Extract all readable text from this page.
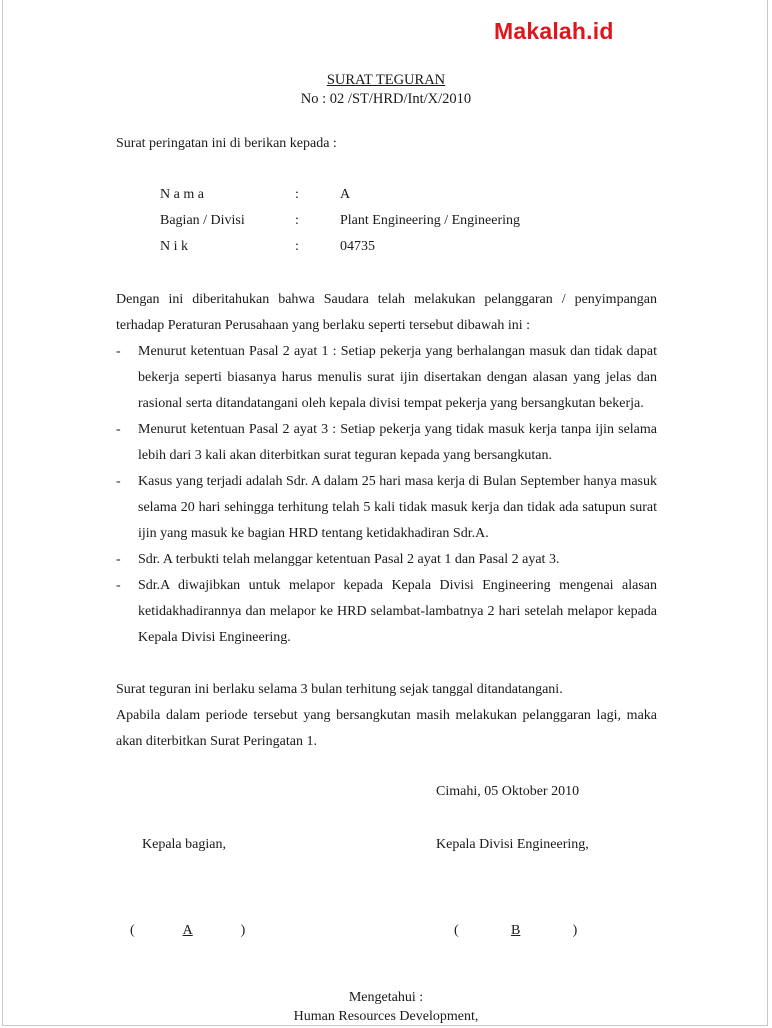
Makalah.id
SURAT TEGURAN
No : 02 /ST/HRD/Int/X/2010
Surat peringatan ini di berikan kepada :
N a m a	:	A
Bagian / Divisi	:	Plant Engineering / Engineering
N i k	:	04735

Dengan ini diberitahukan bahwa Saudara telah melakukan pelanggaran / penyimpangan terhadap Peraturan Perusahaan yang berlaku seperti tersebut dibawah ini :

- Menurut ketentuan Pasal 2 ayat 1 : Setiap pekerja yang berhalangan masuk dan tidak dapat bekerja seperti biasanya harus menulis surat ijin disertakan dengan alasan yang jelas dan rasional serta ditandatangani oleh kepala divisi tempat pekerja yang bersangkutan bekerja.
- Menurut ketentuan Pasal 2 ayat 3 : Setiap pekerja yang tidak masuk kerja tanpa ijin selama lebih dari 3 kali akan diterbitkan surat teguran kepada yang bersangkutan.
- Kasus yang terjadi adalah Sdr. A dalam 25 hari masa kerja di Bulan September hanya masuk selama 20 hari sehingga terhitung telah 5 kali tidak masuk kerja dan tidak ada satupun surat ijin yang masuk ke bagian HRD tentang ketidakhadiran Sdr.A.
- Sdr. A terbukti telah melanggar ketentuan Pasal 2 ayat 1 dan Pasal 2 ayat 3.
- Sdr.A diwajibkan untuk melapor kepada Kepala Divisi Engineering mengenai alasan ketidakhadirannya dan melapor ke HRD selambat-lambatnya 2 hari setelah melapor kepada Kepala Divisi Engineering.

Surat teguran ini berlaku selama 3 bulan terhitung sejak tanggal ditandatangani.

Apabila dalam periode tersebut yang bersangkutan masih melakukan pelanggaran lagi, maka akan diterbitkan Surat Peringatan 1.

Cimahi, 05 Oktober 2010
Kepala bagian,	Kepala Divisi Engineering,
(	A	)	(	B	)
Mengetahui :
Human Resources Development,
